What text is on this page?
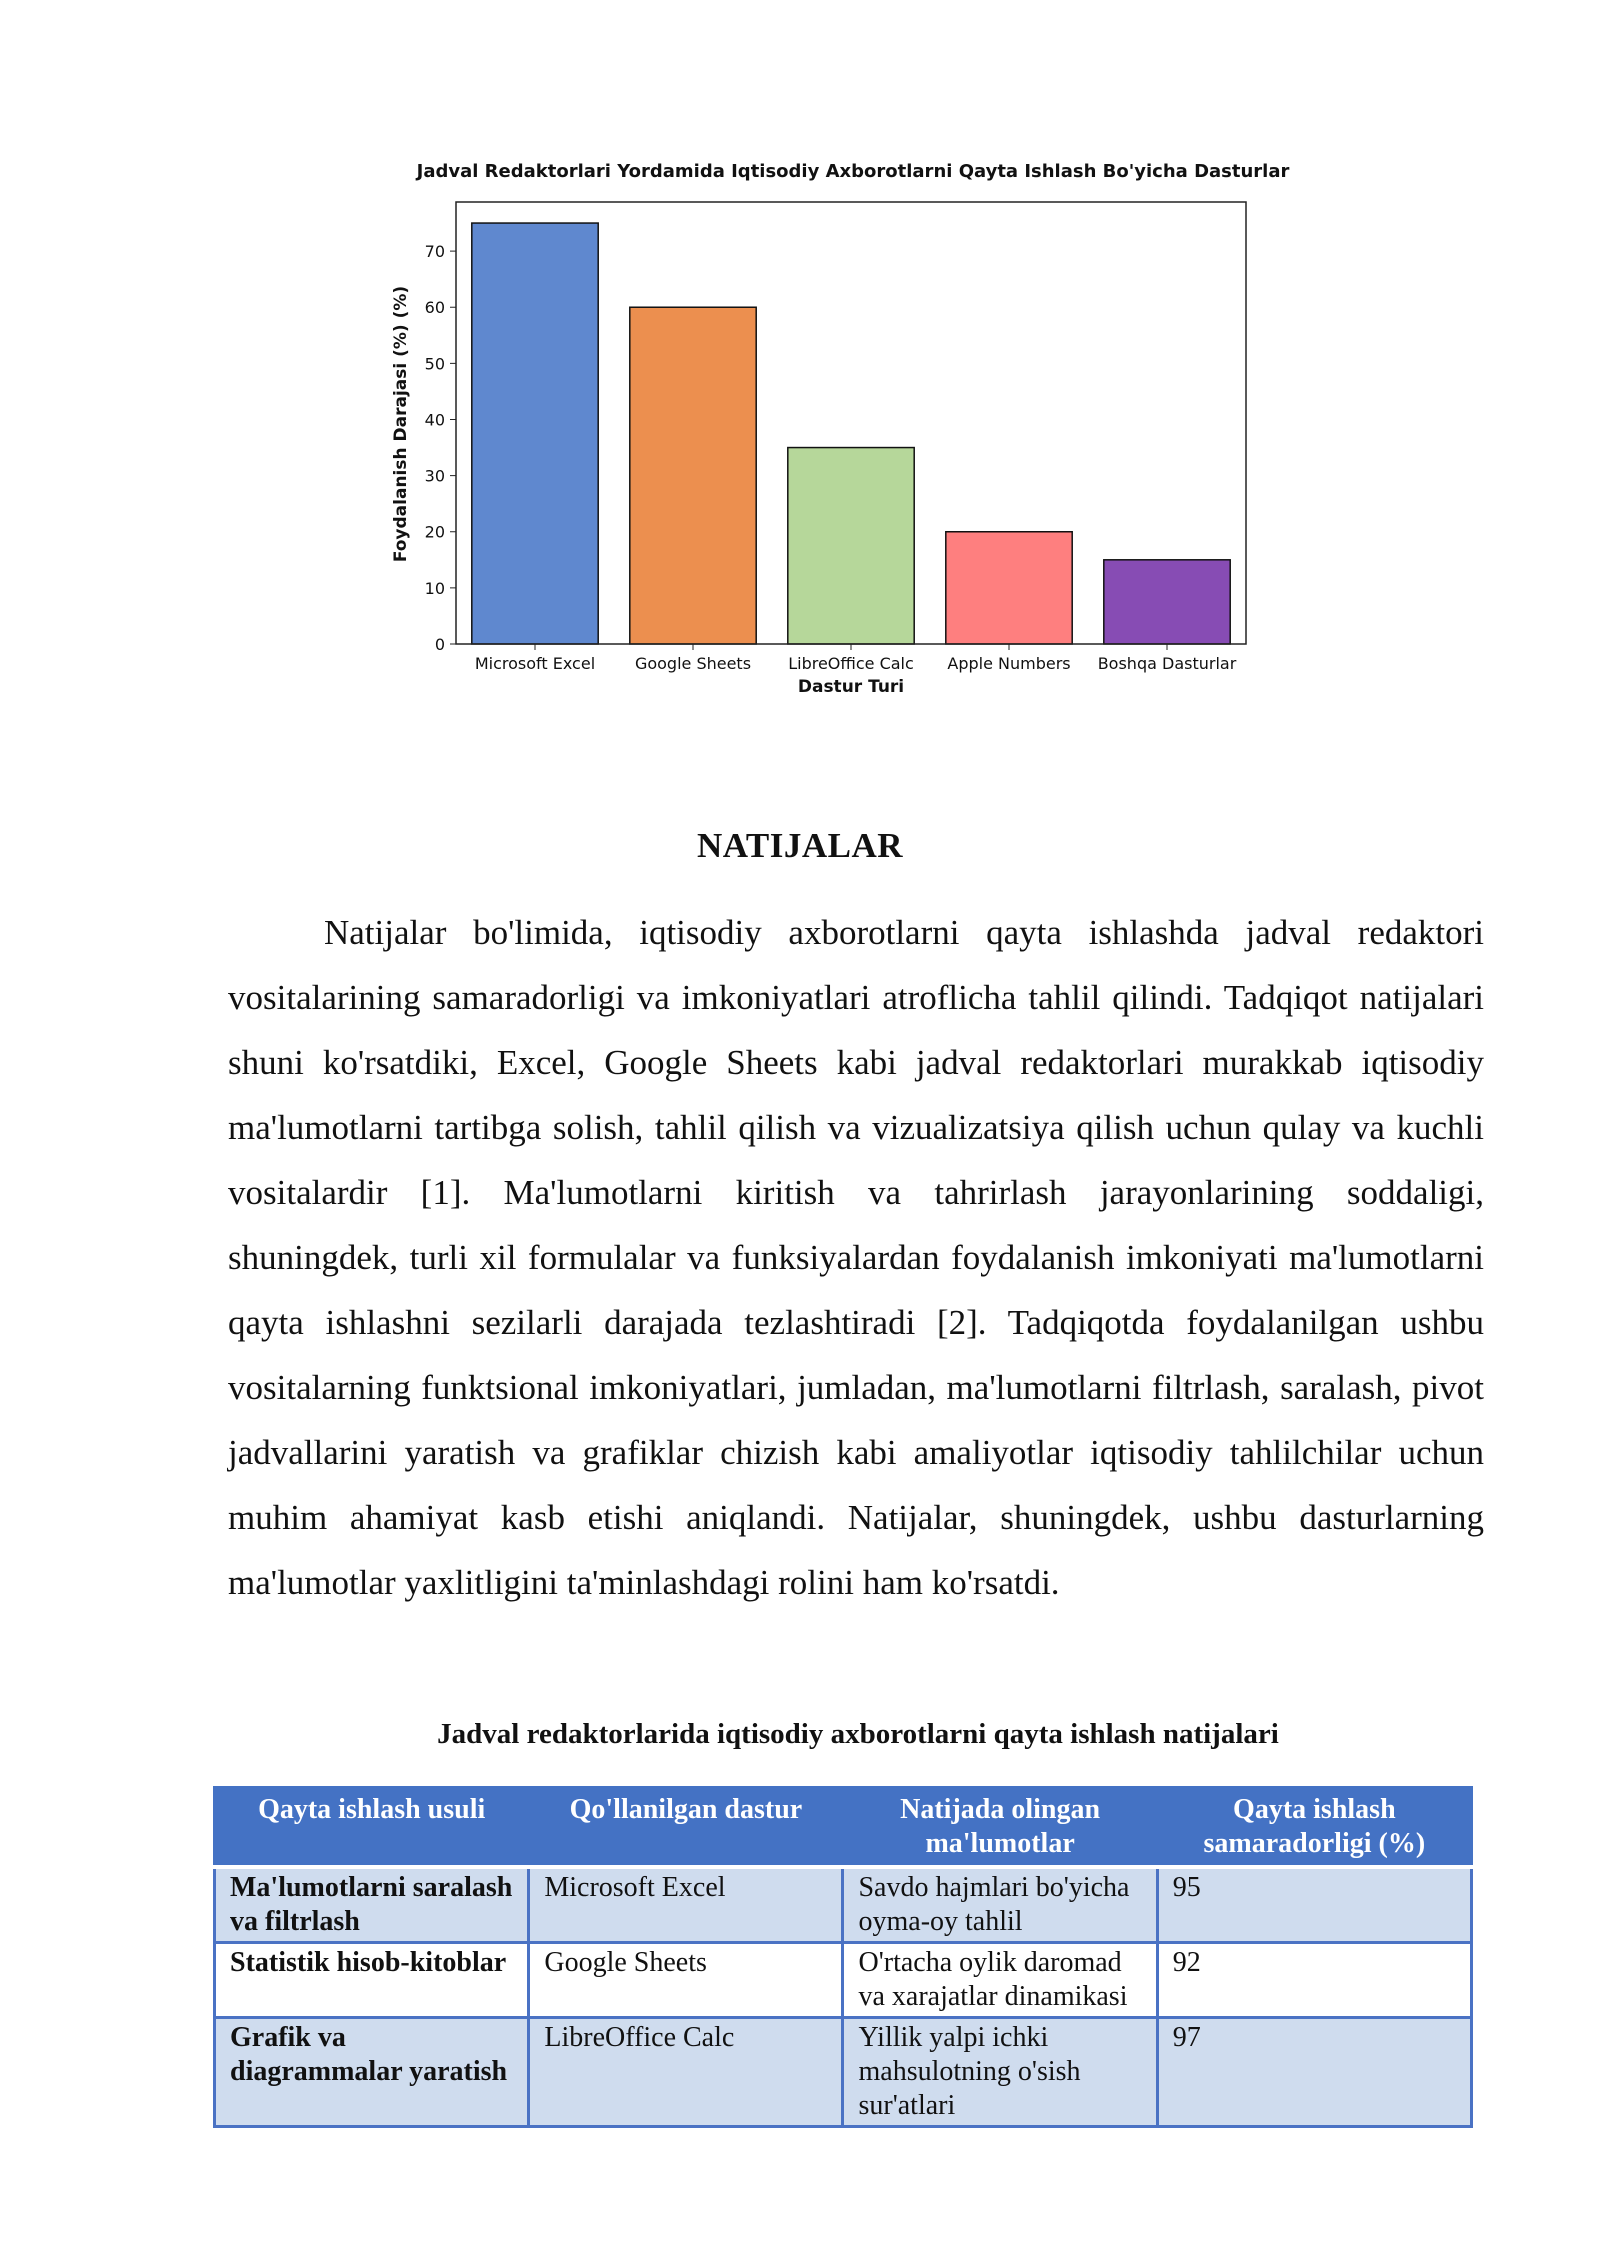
Jadval Redaktorlari Yordamida Iqtisodiy Axborotlarni Qayta Ishlash Bo'yicha Dasturlar
0
10
20
30
40
50
60
70
Microsoft Excel Google Sheets LibreOffice Calc Apple Numbers Boshqa Dasturlar
Dastur Turi
Foydalanish Darajasi (%) (%)
NATIJALAR

Natijalar bo'limida, iqtisodiy axborotlarni qayta ishlashda jadval redaktori vositalarining samaradorligi va imkoniyatlari atroflicha tahlil qilindi. Tadqiqot natijalari shuni ko'rsatdiki, Excel, Google Sheets kabi jadval redaktorlari murakkab iqtisodiy ma'lumotlarni tartibga solish, tahlil qilish va vizualizatsiya qilish uchun qulay va kuchli vositalardir [1]. Ma'lumotlarni kiritish va tahrirlash jarayonlarining soddaligi, shuningdek, turli xil formulalar va funksiyalardan foydalanish imkoniyati ma'lumotlarni qayta ishlashni sezilarli darajada tezlashtiradi [2]. Tadqiqotda foydalanilgan ushbu vositalarning funktsional imkoniyatlari, jumladan, ma'lumotlarni filtrlash, saralash, pivot jadvallarini yaratish va grafiklar chizish kabi amaliyotlar iqtisodiy tahlilchilar uchun muhim ahamiyat kasb etishi aniqlandi. Natijalar, shuningdek, ushbu dasturlarning ma'lumotlar yaxlitligini ta'minlashdagi rolini ham ko'rsatdi.

Jadval redaktorlarida iqtisodiy axborotlarni qayta ishlash natijalari
Qayta ishlash usuli	Qo'llanilgan dastur	Natijada olingan ma'lumotlar	Qayta ishlash samaradorligi (%)
Ma'lumotlarni saralash va filtrlash	Microsoft Excel	Savdo hajmlari bo'yicha oyma-oy tahlil	95
Statistik hisob-kitoblar	Google Sheets	O'rtacha oylik daromad va xarajatlar dinamikasi	92
Grafik va diagrammalar yaratish	LibreOffice Calc	Yillik yalpi ichki mahsulotning o'sish sur'atlari	97
